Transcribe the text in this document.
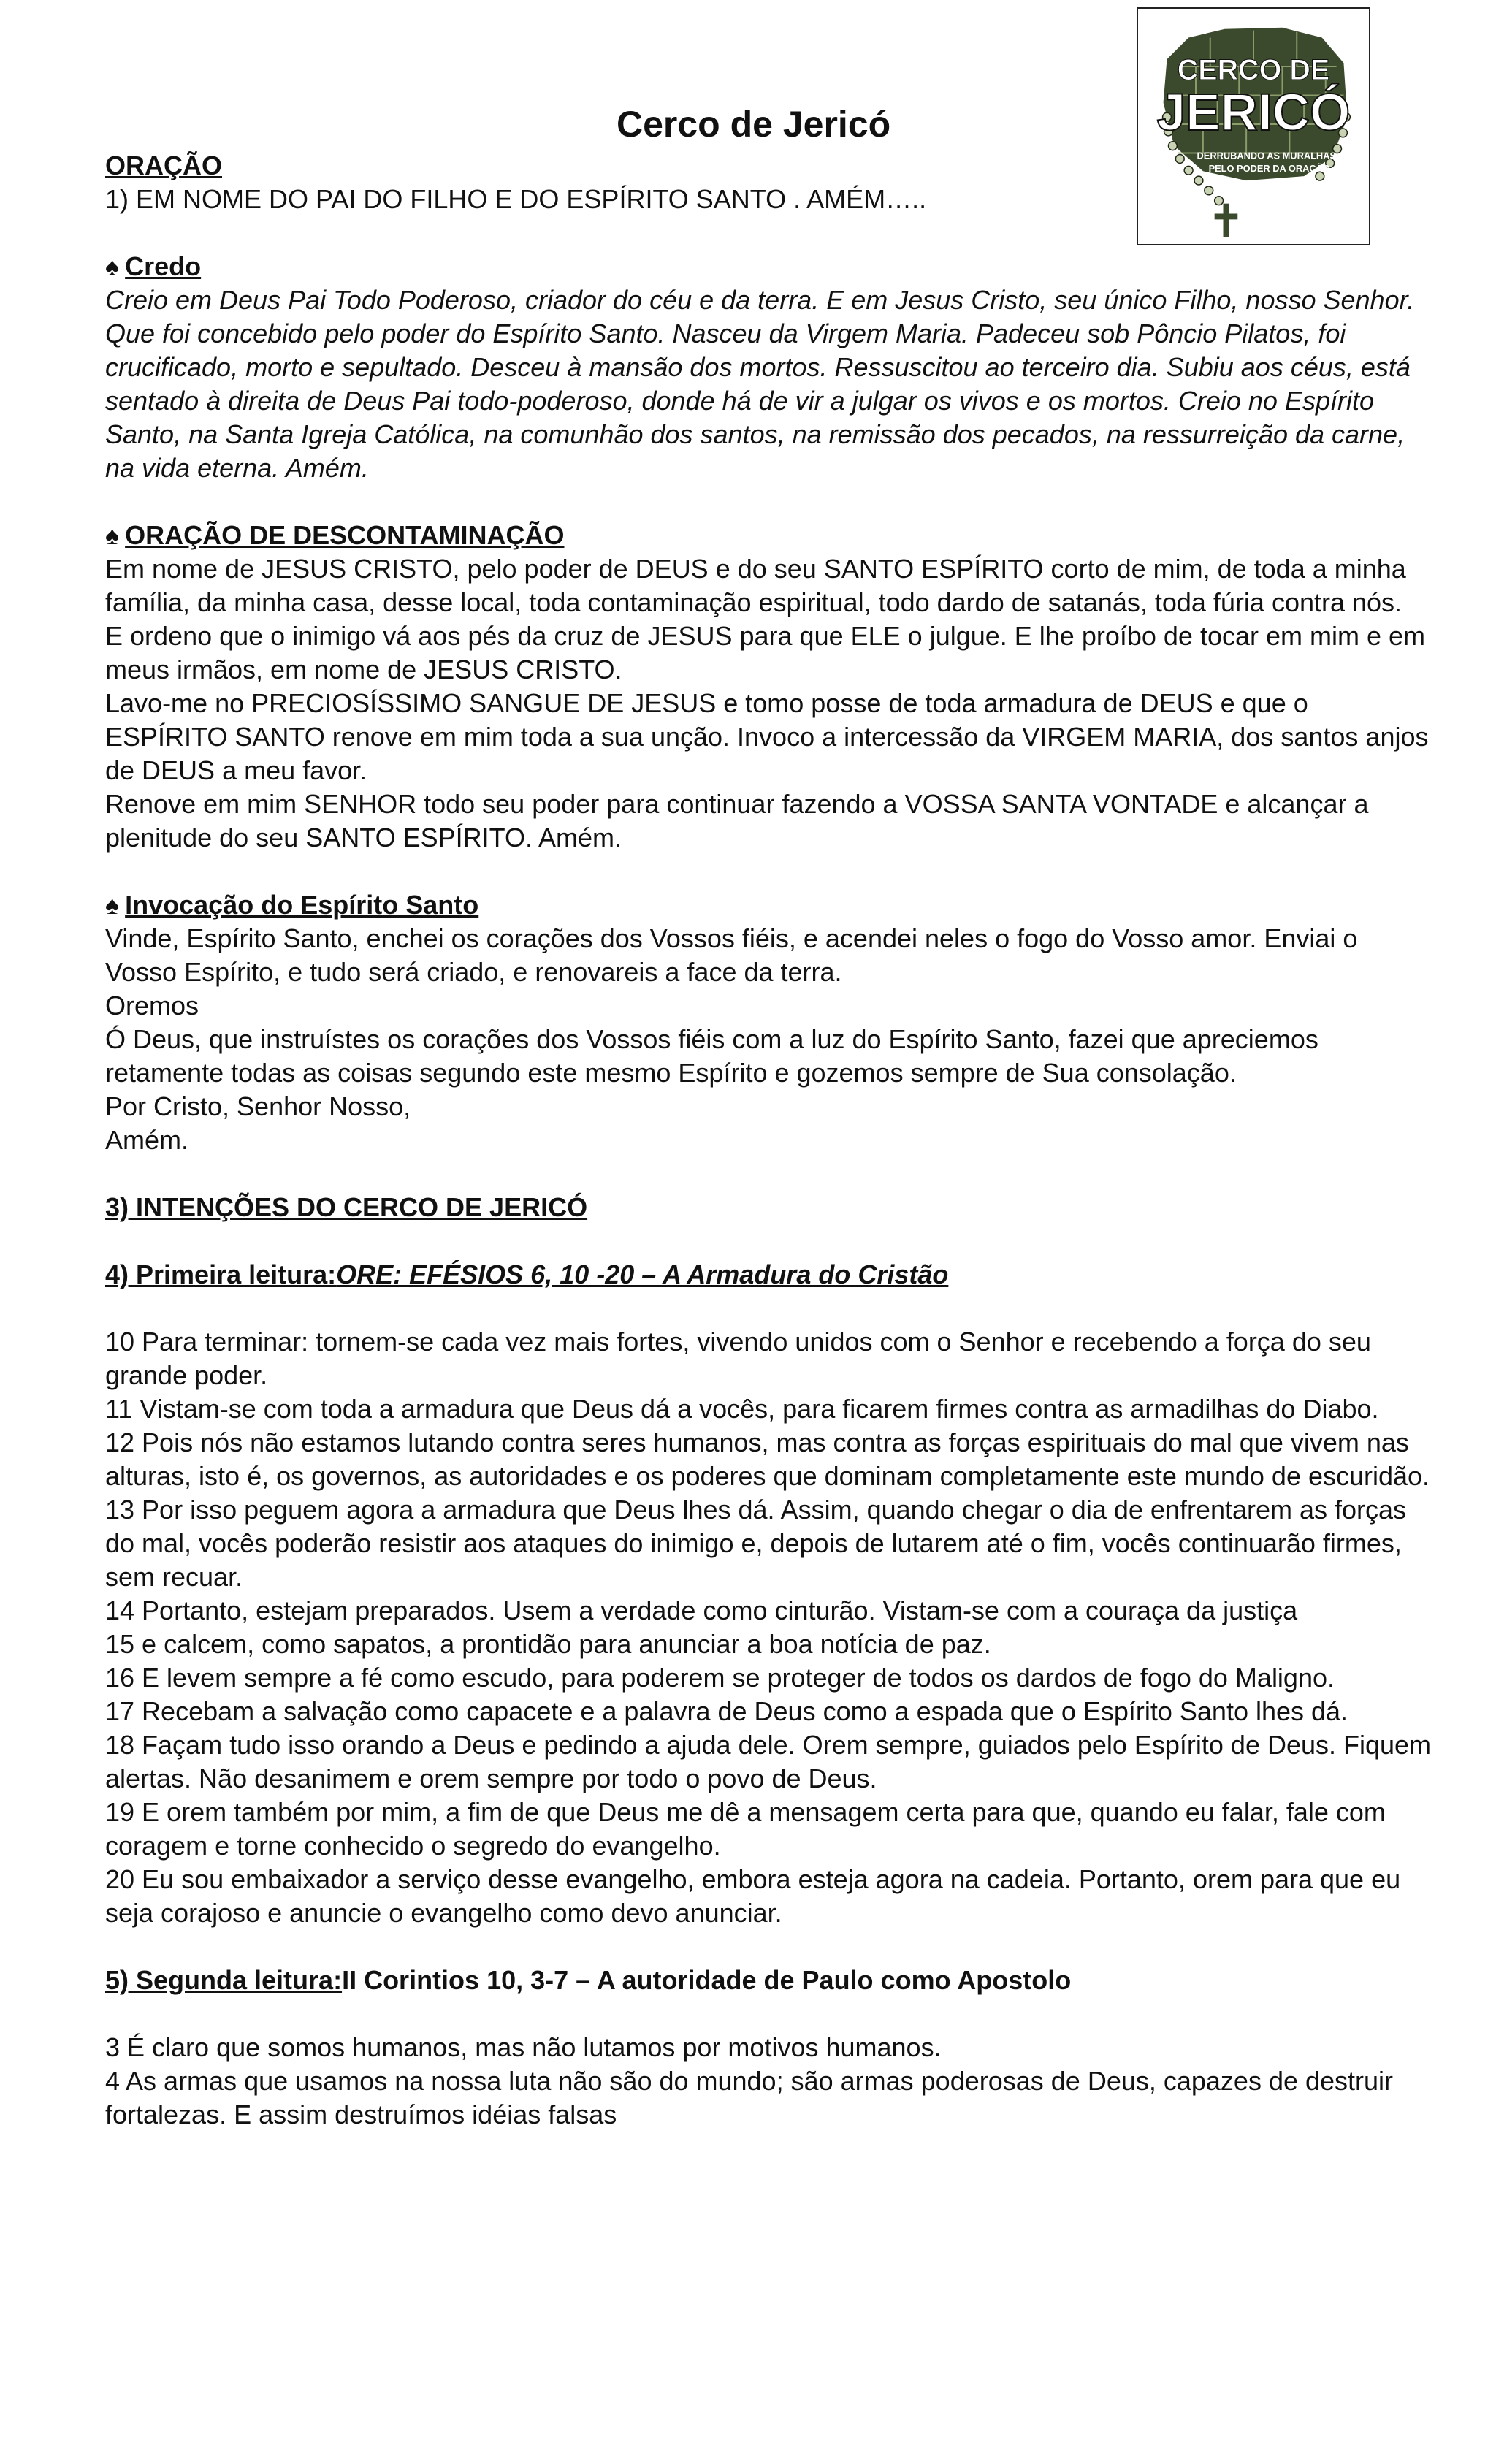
CERCO DE
JERICÓ
DERRUBANDO AS MURALHAS
PELO PODER DA ORAÇÃO
Cerco de Jericó

ORAÇÃO

1) EM NOME DO PAI DO FILHO E DO ESPÍRITO SANTO . AMÉM…..

♠ Credo

Creio em Deus Pai Todo Poderoso, criador do céu e da terra. E em Jesus Cristo, seu único Filho, nosso Senhor. Que foi concebido pelo poder do Espírito Santo. Nasceu da Virgem Maria. Padeceu sob Pôncio Pilatos, foi crucificado, morto e sepultado. Desceu à mansão dos mortos. Ressuscitou ao terceiro dia. Subiu aos céus, está sentado à direita de Deus Pai todo-poderoso, donde há de vir a julgar os vivos e os mortos. Creio no Espírito Santo, na Santa Igreja Católica, na comunhão dos santos, na remissão dos pecados, na ressurreição da carne, na vida eterna. Amém.

♠ ORAÇÃO DE DESCONTAMINAÇÃO

Em nome de JESUS CRISTO, pelo poder de DEUS e do seu SANTO ESPÍRITO corto de mim, de toda a minha família, da minha casa, desse local, toda contaminação espiritual, todo dardo de satanás, toda fúria contra nós.

E ordeno que o inimigo vá aos pés da cruz de JESUS para que ELE o julgue. E lhe proíbo de tocar em mim e em meus irmãos, em nome de JESUS CRISTO.

Lavo-me no PRECIOSÍSSIMO SANGUE DE JESUS e tomo posse de toda armadura de DEUS e que o ESPÍRITO SANTO renove em mim toda a sua unção. Invoco a intercessão da VIRGEM MARIA, dos santos anjos de DEUS a meu favor.

Renove em mim SENHOR todo seu poder para continuar fazendo a VOSSA SANTA VONTADE e alcançar a plenitude do seu SANTO ESPÍRITO. Amém.

♠ Invocação do Espírito Santo

Vinde, Espírito Santo, enchei os corações dos Vossos fiéis, e acendei neles o fogo do Vosso amor. Enviai o Vosso Espírito, e tudo será criado, e renovareis a face da terra.

Oremos

Ó Deus, que instruístes os corações dos Vossos fiéis com a luz do Espírito Santo, fazei que apreciemos retamente todas as coisas segundo este mesmo Espírito e gozemos sempre de Sua consolação.

Por Cristo, Senhor Nosso,

Amém.

3) INTENÇÕES DO CERCO DE JERICÓ

4) Primeira leitura:ORE: EFÉSIOS 6, 10 -20 – A Armadura do Cristão

10 Para terminar: tornem-se cada vez mais fortes, vivendo unidos com o Senhor e recebendo a força do seu grande poder.

11 Vistam-se com toda a armadura que Deus dá a vocês, para ficarem firmes contra as armadilhas do Diabo.

12 Pois nós não estamos lutando contra seres humanos, mas contra as forças espirituais do mal que vivem nas alturas, isto é, os governos, as autoridades e os poderes que dominam completamente este mundo de escuridão.

13 Por isso peguem agora a armadura que Deus lhes dá. Assim, quando chegar o dia de enfrentarem as forças do mal, vocês poderão resistir aos ataques do inimigo e, depois de lutarem até o fim, vocês continuarão firmes, sem recuar.

14 Portanto, estejam preparados. Usem a verdade como cinturão. Vistam-se com a couraça da justiça

15 e calcem, como sapatos, a prontidão para anunciar a boa notícia de paz.

16 E levem sempre a fé como escudo, para poderem se proteger de todos os dardos de fogo do Maligno.

17 Recebam a salvação como capacete e a palavra de Deus como a espada que o Espírito Santo lhes dá.

18 Façam tudo isso orando a Deus e pedindo a ajuda dele. Orem sempre, guiados pelo Espírito de Deus. Fiquem alertas. Não desanimem e orem sempre por todo o povo de Deus.

19 E orem também por mim, a fim de que Deus me dê a mensagem certa para que, quando eu falar, fale com coragem e torne conhecido o segredo do evangelho.

20 Eu sou embaixador a serviço desse evangelho, embora esteja agora na cadeia. Portanto, orem para que eu seja corajoso e anuncie o evangelho como devo anunciar.

5) Segunda leitura:II Corintios 10, 3-7 – A autoridade de Paulo como Apostolo

3 É claro que somos humanos, mas não lutamos por motivos humanos.

4 As armas que usamos na nossa luta não são do mundo; são armas poderosas de Deus, capazes de destruir fortalezas. E assim destruímos idéias falsas
